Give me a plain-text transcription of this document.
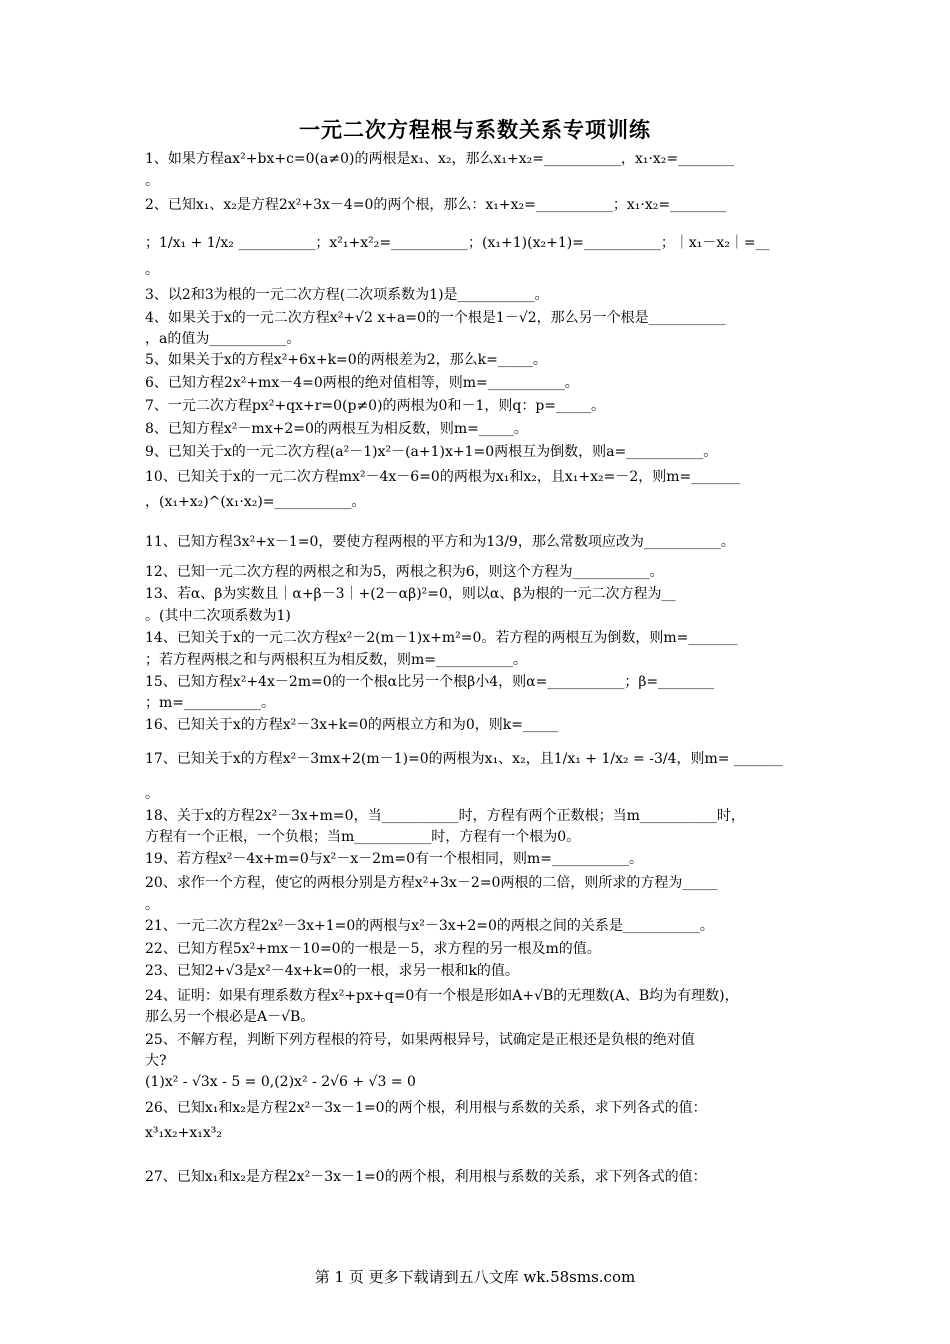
一元二次方程根与系数关系专项训练
1、如果方程ax²+bx+c=0(a≠0)的两根是x₁、x₂，那么x₁+x₂=___________，x₁·x₂=________
。
2、已知x₁、x₂是方程2x²+3x－4=0的两个根，那么：x₁+x₂=___________；x₁·x₂=________
；1/x₁ + 1/x₂ ___________；x²₁+x²₂=___________；(x₁+1)(x₂+1)=___________；｜x₁－x₂｜=__
。
3、以2和3为根的一元二次方程(二次项系数为1)是___________。
4、如果关于x的一元二次方程x²+√2 x+a=0的一个根是1－√2，那么另一个根是___________
，a的值为___________。
5、如果关于x的方程x²+6x+k=0的两根差为2，那么k=_____。
6、已知方程2x²+mx－4=0两根的绝对值相等，则m=___________。
7、一元二次方程px²+qx+r=0(p≠0)的两根为0和－1，则q：p=_____。
8、已知方程x²－mx+2=0的两根互为相反数，则m=_____。
9、已知关于x的一元二次方程(a²－1)x²－(a+1)x+1=0两根互为倒数，则a=___________。
10、已知关于x的一元二次方程mx²－4x－6=0的两根为x₁和x₂，且x₁+x₂=－2，则m=_______
，(x₁+x₂)^(x₁·x₂)=___________。
11、已知方程3x²+x－1=0，要使方程两根的平方和为13/9，那么常数项应改为___________。
12、已知一元二次方程的两根之和为5，两根之积为6，则这个方程为___________。
13、若α、β为实数且｜α+β－3｜+(2－αβ)²=0，则以α、β为根的一元二次方程为__
。(其中二次项系数为1)
14、已知关于x的一元二次方程x²－2(m－1)x+m²=0。若方程的两根互为倒数，则m=_______
；若方程两根之和与两根积互为相反数，则m=___________。
15、已知方程x²+4x－2m=0的一个根α比另一个根β小4，则α=___________；β=________
；m=___________。
16、已知关于x的方程x²－3x+k=0的两根立方和为0，则k=_____
17、已知关于x的方程x²－3mx+2(m－1)=0的两根为x₁、x₂，且1/x₁ + 1/x₂ = -3/4，则m= _______
。
18、关于x的方程2x²－3x+m=0，当___________时，方程有两个正数根；当m___________时，
方程有一个正根，一个负根；当m___________时，方程有一个根为0。
19、若方程x²－4x+m=0与x²－x－2m=0有一个根相同，则m=___________。
20、求作一个方程，使它的两根分别是方程x²+3x－2=0两根的二倍，则所求的方程为_____
。
21、一元二次方程2x²－3x+1=0的两根与x²－3x+2=0的两根之间的关系是___________。
22、已知方程5x²+mx－10=0的一根是－5，求方程的另一根及m的值。
23、已知2+√3是x²－4x+k=0的一根，求另一根和k的值。
24、证明：如果有理系数方程x²+px+q=0有一个根是形如A+√B的无理数(A、B均为有理数)，
那么另一个根必是A－√B。
25、不解方程，判断下列方程根的符号，如果两根异号，试确定是正根还是负根的绝对值
大?
(1)x² - √3x - 5 = 0,(2)x² - 2√6 + √3 = 0
26、已知x₁和x₂是方程2x²－3x－1=0的两个根，利用根与系数的关系，求下列各式的值：
x³₁x₂+x₁x³₂
27、已知x₁和x₂是方程2x²－3x－1=0的两个根，利用根与系数的关系，求下列各式的值：
第 1 页 更多下载请到五八文库 wk.58sms.com
